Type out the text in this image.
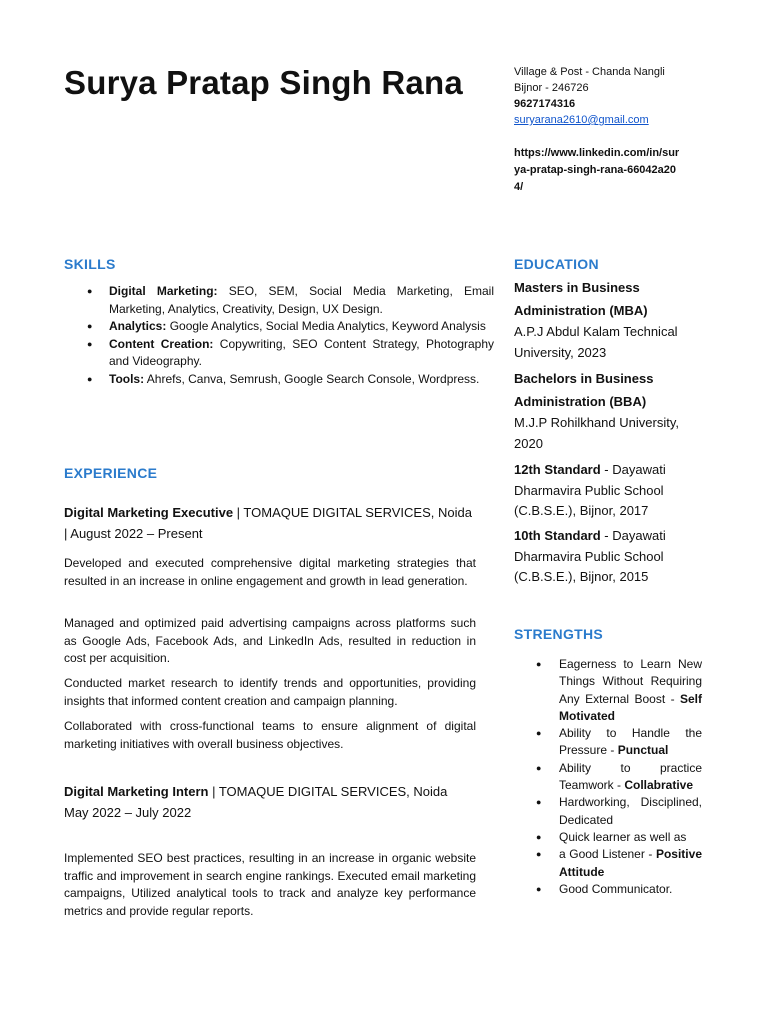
Surya Pratap Singh Rana	Village & Post - Chanda Nangli
Bijnor - 246726
9627174316
suryarana2610@gmail.com
https://www.linkedin.com/in/surya-pratap-singh-rana-66042a204/
SKILLS
● Digital Marketing: SEO, SEM, Social Media Marketing, Email Marketing, Analytics, Creativity, Design, UX Design.
● Analytics: Google Analytics, Social Media Analytics, Keyword Analysis
● Content Creation: Copywriting, SEO Content Strategy, Photography and Videography.
● Tools: Ahrefs, Canva, Semrush, Google Search Console, Wordpress.
EXPERIENCE
Digital Marketing Executive | TOMAQUE DIGITAL SERVICES, Noida | August 2022 – Present

Developed and executed comprehensive digital marketing strategies that resulted in an increase in online engagement and growth in lead generation.

Managed and optimized paid advertising campaigns across platforms such as Google Ads, Facebook Ads, and LinkedIn Ads, resulted in reduction in cost per acquisition.

Conducted market research to identify trends and opportunities, providing insights that informed content creation and campaign planning.

Collaborated with cross-functional teams to ensure alignment of digital marketing initiatives with overall business objectives.

Digital Marketing Intern | TOMAQUE DIGITAL SERVICES, Noida
May 2022 – July 2022

Implemented SEO best practices, resulting in an increase in organic website traffic and improvement in search engine rankings. Executed email marketing campaigns, Utilized analytical tools to track and analyze key performance metrics and provide regular reports.

EDUCATION
Masters in Business Administration (MBA)
A.P.J Abdul Kalam Technical University, 2023
Bachelors in Business Administration (BBA)
M.J.P Rohilkhand University, 2020
12th Standard - Dayawati Dharmavira Public School (C.B.S.E.), Bijnor, 2017
10th Standard - Dayawati Dharmavira Public School (C.B.S.E.), Bijnor, 2015
STRENGTHS
● Eagerness to Learn New Things Without Requiring Any External Boost - Self Motivated
● Ability to Handle the Pressure - Punctual
● Ability to practice Teamwork - Collabrative
● Hardworking, Disciplined, Dedicated
● Quick learner as well as
● a Good Listener - Positive Attitude
● Good Communicator.
